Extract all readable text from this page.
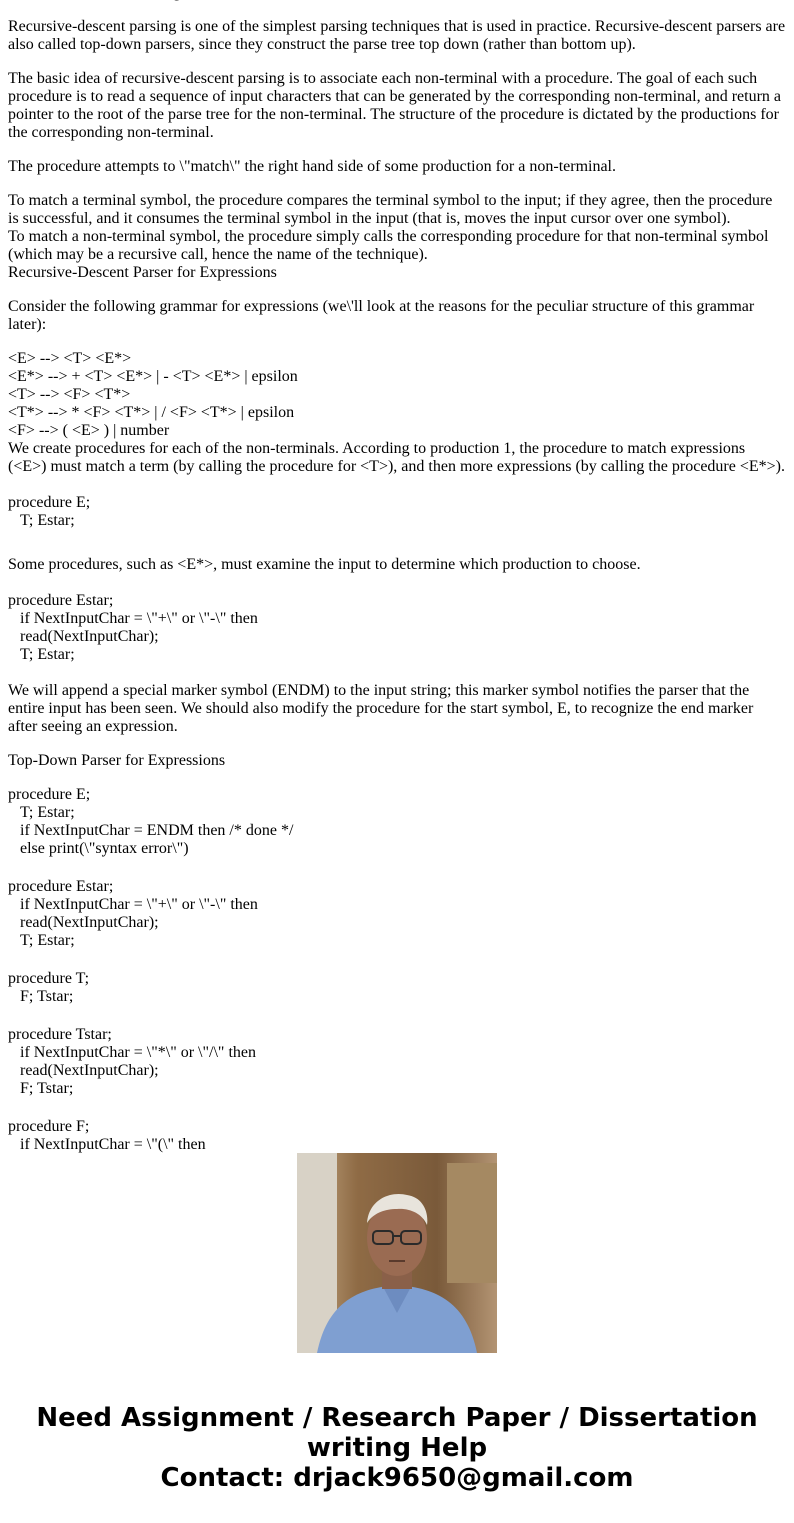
Recursive-descent parsing is one of the simplest parsing techniques that is used in practice. Recursive-descent parsers are also called top-down parsers, since they construct the parse tree top down (rather than bottom up).

The basic idea of recursive-descent parsing is to associate each non-terminal with a procedure. The goal of each such procedure is to read a sequence of input characters that can be generated by the corresponding non-terminal, and return a pointer to the root of the parse tree for the non-terminal. The structure of the procedure is dictated by the productions for the corresponding non-terminal.

The procedure attempts to \"match\" the right hand side of some production for a non-terminal.

To match a terminal symbol, the procedure compares the terminal symbol to the input; if they agree, then the procedure is successful, and it consumes the terminal symbol in the input (that is, moves the input cursor over one symbol).

To match a non-terminal symbol, the procedure simply calls the corresponding procedure for that non-terminal symbol (which may be a recursive call, hence the name of the technique).

Recursive-Descent Parser for Expressions

Consider the following grammar for expressions (we\'ll look at the reasons for the peculiar structure of this grammar later):

<E> --> <T> <E*>
<E*> --> + <T> <E*> | - <T> <E*> | epsilon
<T> --> <F> <T*>
<T*> --> * <F> <T*> | / <F> <T*> | epsilon
<F> --> ( <E> ) | number

We create procedures for each of the non-terminals. According to production 1, the procedure to match expressions (<E>) must match a term (by calling the procedure for <T>), and then more expressions (by calling the procedure <E*>).

procedure E;
T; Estar;

Some procedures, such as <E*>, must examine the input to determine which production to choose.

procedure Estar;
if NextInputChar = \"+\" or \"-\" then
read(NextInputChar);
T; Estar;

We will append a special marker symbol (ENDM) to the input string; this marker symbol notifies the parser that the entire input has been seen. We should also modify the procedure for the start symbol, E, to recognize the end marker after seeing an expression.

Top-Down Parser for Expressions

procedure E;
T; Estar;
if NextInputChar = ENDM then /* done */
else print(\"syntax error\")
procedure Estar;
if NextInputChar = \"+\" or \"-\" then
read(NextInputChar);
T; Estar;
procedure T;
F; Tstar;
procedure Tstar;
if NextInputChar = \"*\" or \"/\" then
read(NextInputChar);
F; Tstar;
procedure F;
if NextInputChar = \"(\" then
Need Assignment / Research Paper / Dissertation
writing Help
Contact: drjack9650@gmail.com
